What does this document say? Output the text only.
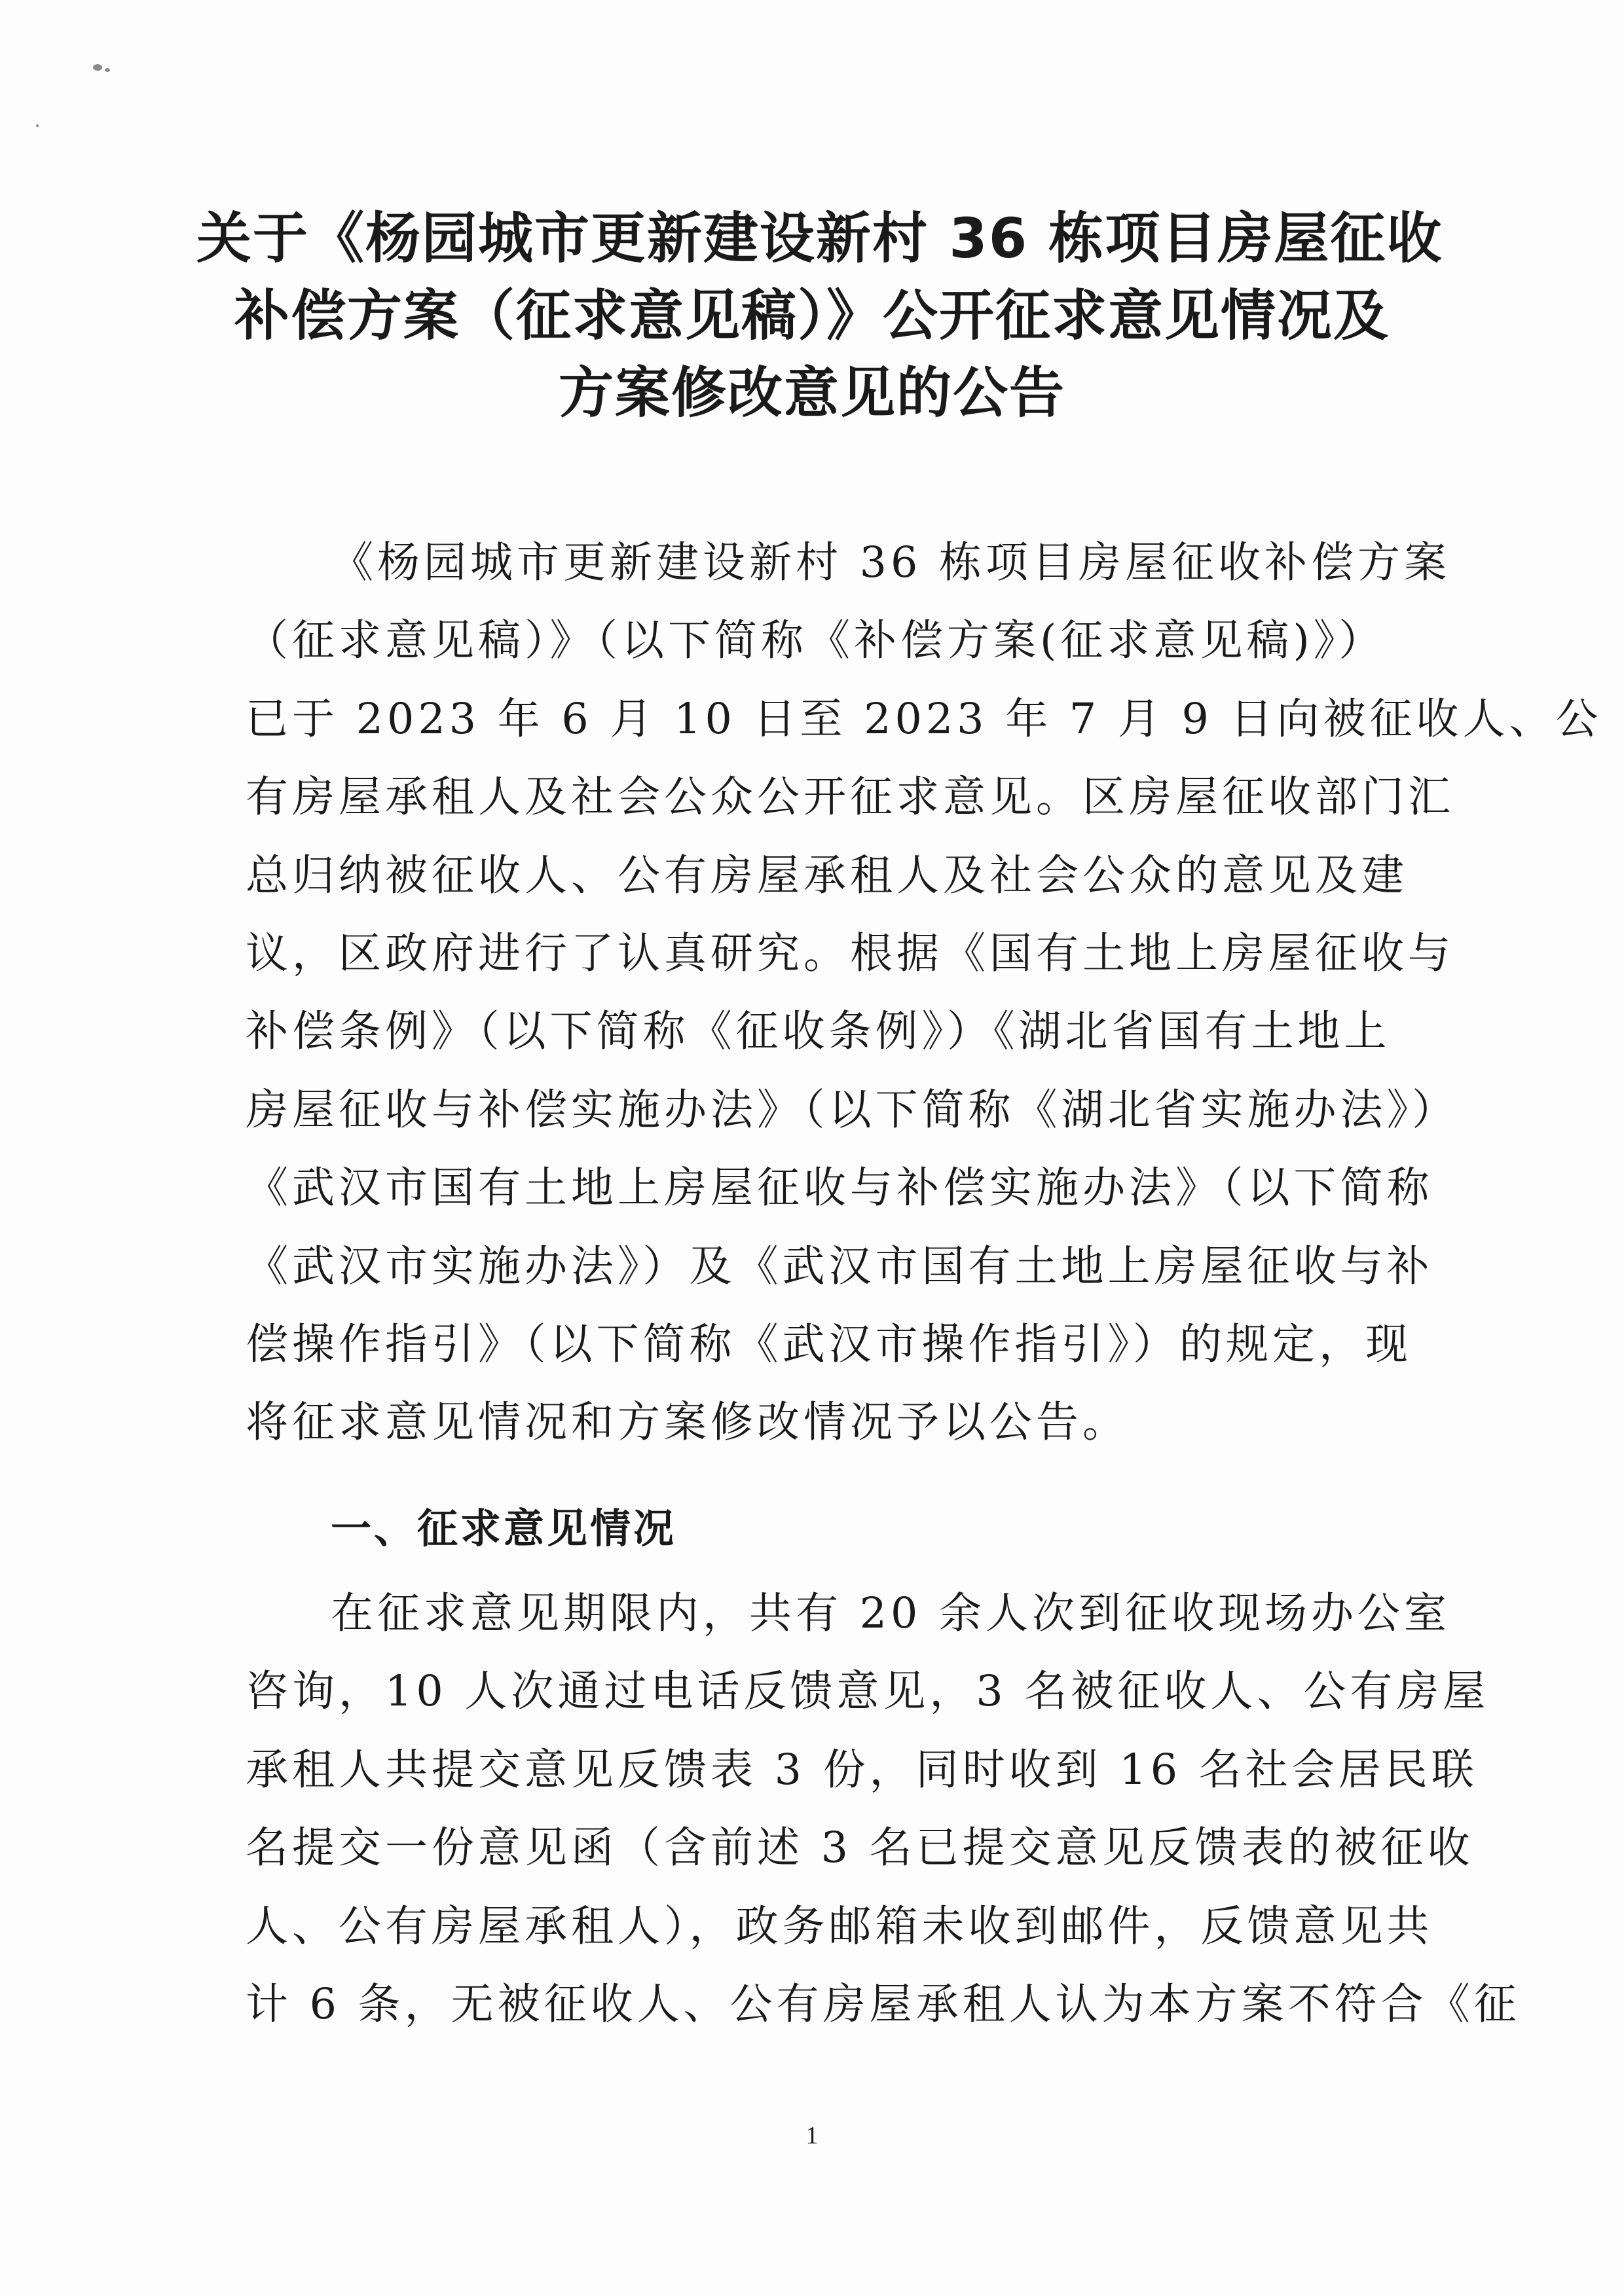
关于《杨园城市更新建设新村 36 栋项目房屋征收
补偿方案（征求意见稿）》公开征求意见情况及
方案修改意见的公告
《杨园城市更新建设新村 36 栋项目房屋征收补偿方案
（征求意见稿）》（以下简称《补偿方案(征求意见稿)》）
已于 2023 年 6 月 10 日至 2023 年 7 月 9 日向被征收人、公
有房屋承租人及社会公众公开征求意见。区房屋征收部门汇
总归纳被征收人、公有房屋承租人及社会公众的意见及建
议，区政府进行了认真研究。根据《国有土地上房屋征收与
补偿条例》（以下简称《征收条例》）《湖北省国有土地上
房屋征收与补偿实施办法》（以下简称《湖北省实施办法》）
《武汉市国有土地上房屋征收与补偿实施办法》（以下简称
《武汉市实施办法》）及《武汉市国有土地上房屋征收与补
偿操作指引》（以下简称《武汉市操作指引》）的规定，现
将征求意见情况和方案修改情况予以公告。
一、征求意见情况
在征求意见期限内，共有 20 余人次到征收现场办公室
咨询，10 人次通过电话反馈意见，3 名被征收人、公有房屋
承租人共提交意见反馈表 3 份，同时收到 16 名社会居民联
名提交一份意见函（含前述 3 名已提交意见反馈表的被征收
人、公有房屋承租人），政务邮箱未收到邮件，反馈意见共
计 6 条，无被征收人、公有房屋承租人认为本方案不符合《征
1
